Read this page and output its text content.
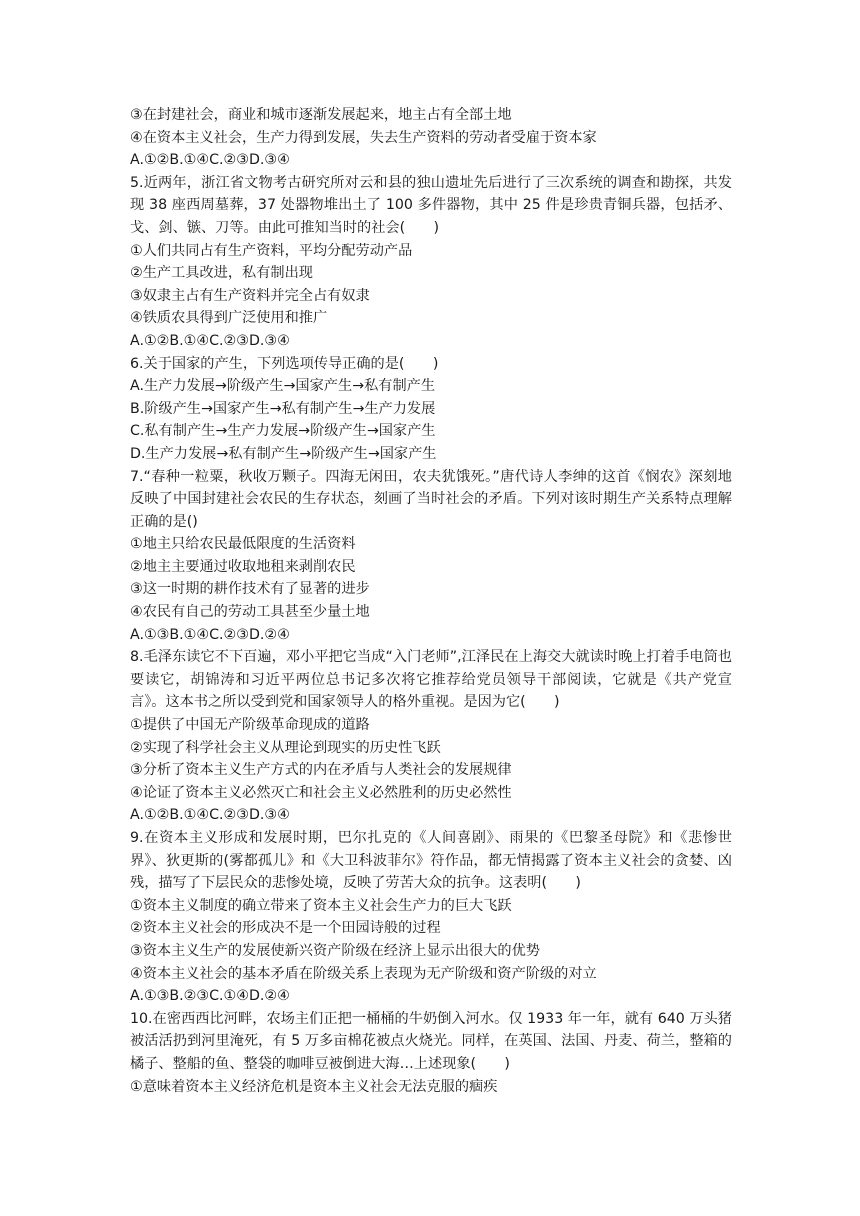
③在封建社会，商业和城市逐渐发展起来，地主占有全部土地
④在资本主义社会，生产力得到发展，失去生产资料的劳动者受雇于资本家
A.①②B.①④C.②③D.③④
5.近两年，浙江省文物考古研究所对云和县的独山遗址先后进行了三次系统的调查和勘探，共发现 38 座西周墓葬，37 处器物堆出土了 100 多件器物，其中 25 件是珍贵青铜兵器，包括矛、戈、剑、镞、刀等。由此可推知当时的社会(　　)
①人们共同占有生产资料，平均分配劳动产品
②生产工具改进，私有制出现
③奴隶主占有生产资料并完全占有奴隶
④铁质农具得到广泛使用和推广
A.①②B.①④C.②③D.③④
6.关于国家的产生，下列选项传导正确的是(　　)
A.生产力发展→阶级产生→国家产生→私有制产生
B.阶级产生→国家产生→私有制产生→生产力发展
C.私有制产生→生产力发展→阶级产生→国家产生
D.生产力发展→私有制产生→阶级产生→国家产生
7.“春种一粒粟，秋收万颗子。四海无闲田，农夫犹饿死。”唐代诗人李绅的这首《悯农》深刻地反映了中国封建社会农民的生存状态，刻画了当时社会的矛盾。下列对该时期生产关系特点理解正确的是()
①地主只给农民最低限度的生活资料
②地主主要通过收取地租来剥削农民
③这一时期的耕作技术有了显著的进步
④农民有自己的劳动工具甚至少量土地
A.①③B.①④C.②③D.②④
8.毛泽东读它不下百遍，邓小平把它当成“入门老师”,江泽民在上海交大就读时晚上打着手电筒也要读它，胡锦涛和习近平两位总书记多次将它推荐给党员领导干部阅读，它就是《共产党宣言》。这本书之所以受到党和国家领导人的格外重视。是因为它(　　)
①提供了中国无产阶级革命现成的道路
②实现了科学社会主义从理论到现实的历史性飞跃
③分析了资本主义生产方式的内在矛盾与人类社会的发展规律
④论证了资本主义必然灭亡和社会主义必然胜利的历史必然性
A.①②B.①④C.②③D.③④
9.在资本主义形成和发展时期，巴尔扎克的《人间喜剧》、雨果的《巴黎圣母院》和《悲惨世界》、狄更斯的(雾都孤儿》和《大卫科波菲尔》符作品，都无情揭露了资本主义社会的贪婪、凶残，描写了下层民众的悲惨处境，反映了劳苦大众的抗争。这表明(　　)
①资本主义制度的确立带来了资本主义社会生产力的巨大飞跃
②资本主义社会的形成决不是一个田园诗般的过程
③资本主义生产的发展使新兴资产阶级在经济上显示出很大的优势
④资本主义社会的基本矛盾在阶级关系上表现为无产阶级和资产阶级的对立
A.①③B.②③C.①④D.②④
10.在密西西比河畔，农场主们正把一桶桶的牛奶倒入河水。仅 1933 年一年，就有 640 万头猪被活活扔到河里淹死，有 5 万多亩棉花被点火烧光。同样，在英国、法国、丹麦、荷兰，整箱的橘子、整船的鱼、整袋的咖啡豆被倒进大海…上述现象(　　)
①意味着资本主义经济危机是资本主义社会无法克服的痼疾
